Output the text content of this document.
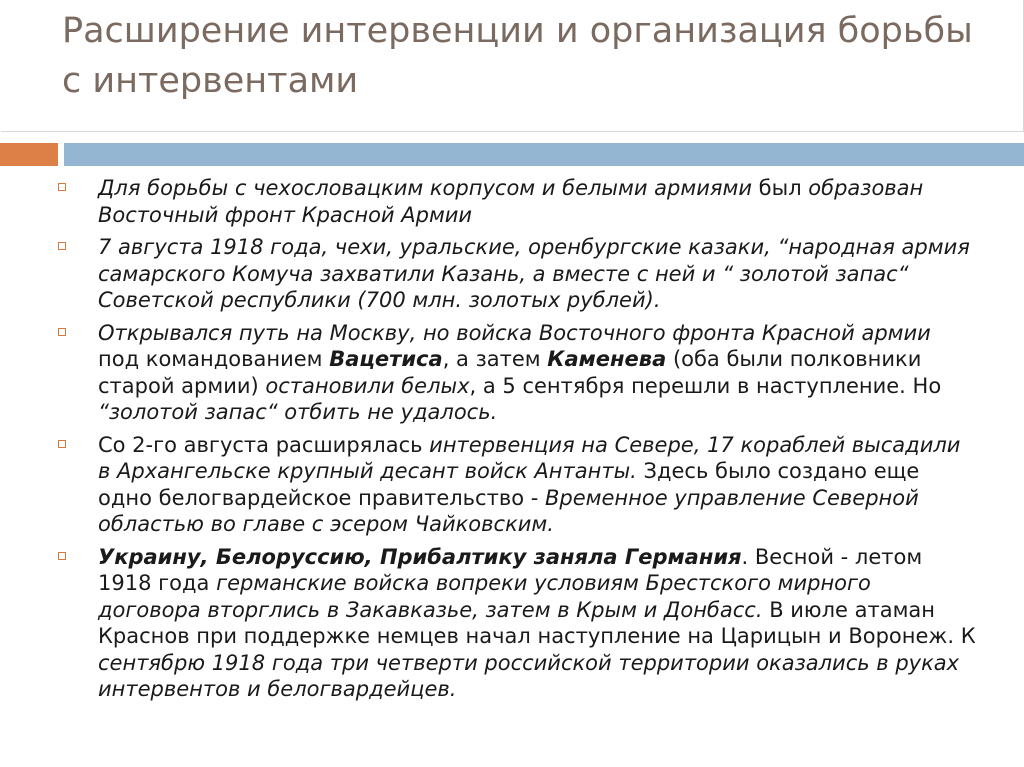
Расширение интервенции и организация борьбы с интервентами
Для борьбы с чехословацким корпусом и белыми армиями был образован Восточный фронт Красной Армии
7 августа 1918 года, чехи, уральские, оренбургские казаки, “народная армия самарского Комуча захватили Казань, а вместе с ней и “ золотой запас“ Советской республики (700 млн. золотых рублей).
Открывался путь на Москву, но войска Восточного фронта Красной армии под командованием Вацетиса, а затем Каменева (оба были полковники старой армии) остановили белых, а 5 сентября перешли в наступление. Но “золотой запас“ отбить не удалось.
Со 2-го августа расширялась интервенция на Севере, 17 кораблей высадили в Архангельске крупный десант войск Антанты. Здесь было создано еще одно белогвардейское правительство - Временное управление Северной областью во главе с эсером Чайковским.
Украину, Белоруссию, Прибалтику заняла Германия. Весной - летом 1918 года германские войска вопреки условиям Брестского мирного договора вторглись в Закавказье, затем в Крым и Донбасс. В июле атаман Краснов при поддержке немцев начал наступление на Царицын и Воронеж. К сентябрю 1918 года три четверти российской территории оказались в руках интервентов и белогвардейцев.
